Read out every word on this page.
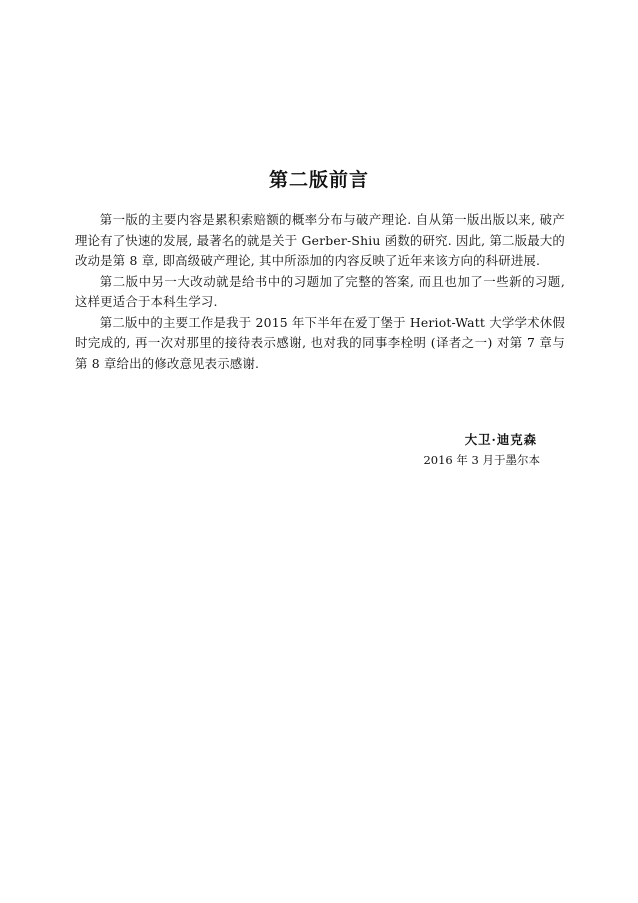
第二版前言

第一版的主要内容是累积索赔额的概率分布与破产理论. 自从第一版出版以来, 破产理论有了快速的发展, 最著名的就是关于 Gerber-Shiu 函数的研究. 因此, 第二版最大的改动是第 8 章, 即高级破产理论, 其中所添加的内容反映了近年来该方向的科研进展.

第二版中另一大改动就是给书中的习题加了完整的答案, 而且也加了一些新的习题, 这样更适合于本科生学习.

第二版中的主要工作是我于 2015 年下半年在爱丁堡于 Heriot-Watt 大学学术休假时完成的, 再一次对那里的接待表示感谢, 也对我的同事李栓明 (译者之一) 对第 7 章与第 8 章给出的修改意见表示感谢.

大卫·迪克森

2016 年 3 月于墨尔本
